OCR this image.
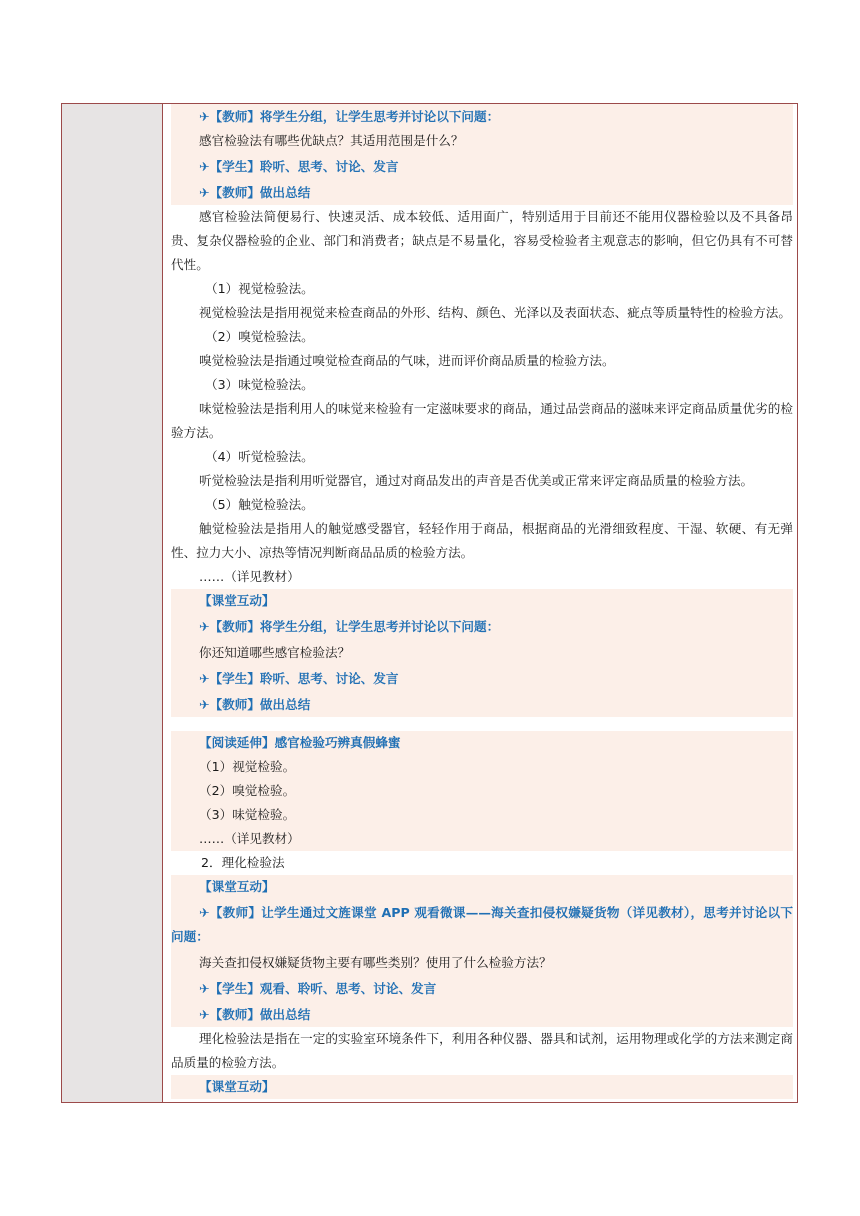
✈【教师】将学生分组，让学生思考并讨论以下问题：
感官检验法有哪些优缺点？其适用范围是什么？
✈【学生】聆听、思考、讨论、发言
✈【教师】做出总结
感官检验法简便易行、快速灵活、成本较低、适用面广，特别适用于目前还不能用仪器检验以及不具备昂贵、复杂仪器检验的企业、部门和消费者；缺点是不易量化，容易受检验者主观意志的影响，但它仍具有不可替代性。
（1）视觉检验法。
视觉检验法是指用视觉来检查商品的外形、结构、颜色、光泽以及表面状态、疵点等质量特性的检验方法。
（2）嗅觉检验法。
嗅觉检验法是指通过嗅觉检查商品的气味，进而评价商品质量的检验方法。
（3）味觉检验法。
味觉检验法是指利用人的味觉来检验有一定滋味要求的商品，通过品尝商品的滋味来评定商品质量优劣的检验方法。
（4）听觉检验法。
听觉检验法是指利用听觉器官，通过对商品发出的声音是否优美或正常来评定商品质量的检验方法。
（5）触觉检验法。
触觉检验法是指用人的触觉感受器官，轻轻作用于商品，根据商品的光滑细致程度、干湿、软硬、有无弹性、拉力大小、凉热等情况判断商品品质的检验方法。
……（详见教材）
【课堂互动】
✈【教师】将学生分组，让学生思考并讨论以下问题：
你还知道哪些感官检验法？
✈【学生】聆听、思考、讨论、发言
✈【教师】做出总结
【阅读延伸】感官检验巧辨真假蜂蜜
（1）视觉检验。
（2）嗅觉检验。
（3）味觉检验。
……（详见教材）
2．理化检验法
【课堂互动】
✈【教师】让学生通过文旌课堂 APP 观看微课——海关查扣侵权嫌疑货物（详见教材），思考并讨论以下问题：
海关查扣侵权嫌疑货物主要有哪些类别？使用了什么检验方法？
✈【学生】观看、聆听、思考、讨论、发言
✈【教师】做出总结
理化检验法是指在一定的实验室环境条件下，利用各种仪器、器具和试剂，运用物理或化学的方法来测定商品质量的检验方法。
【课堂互动】
